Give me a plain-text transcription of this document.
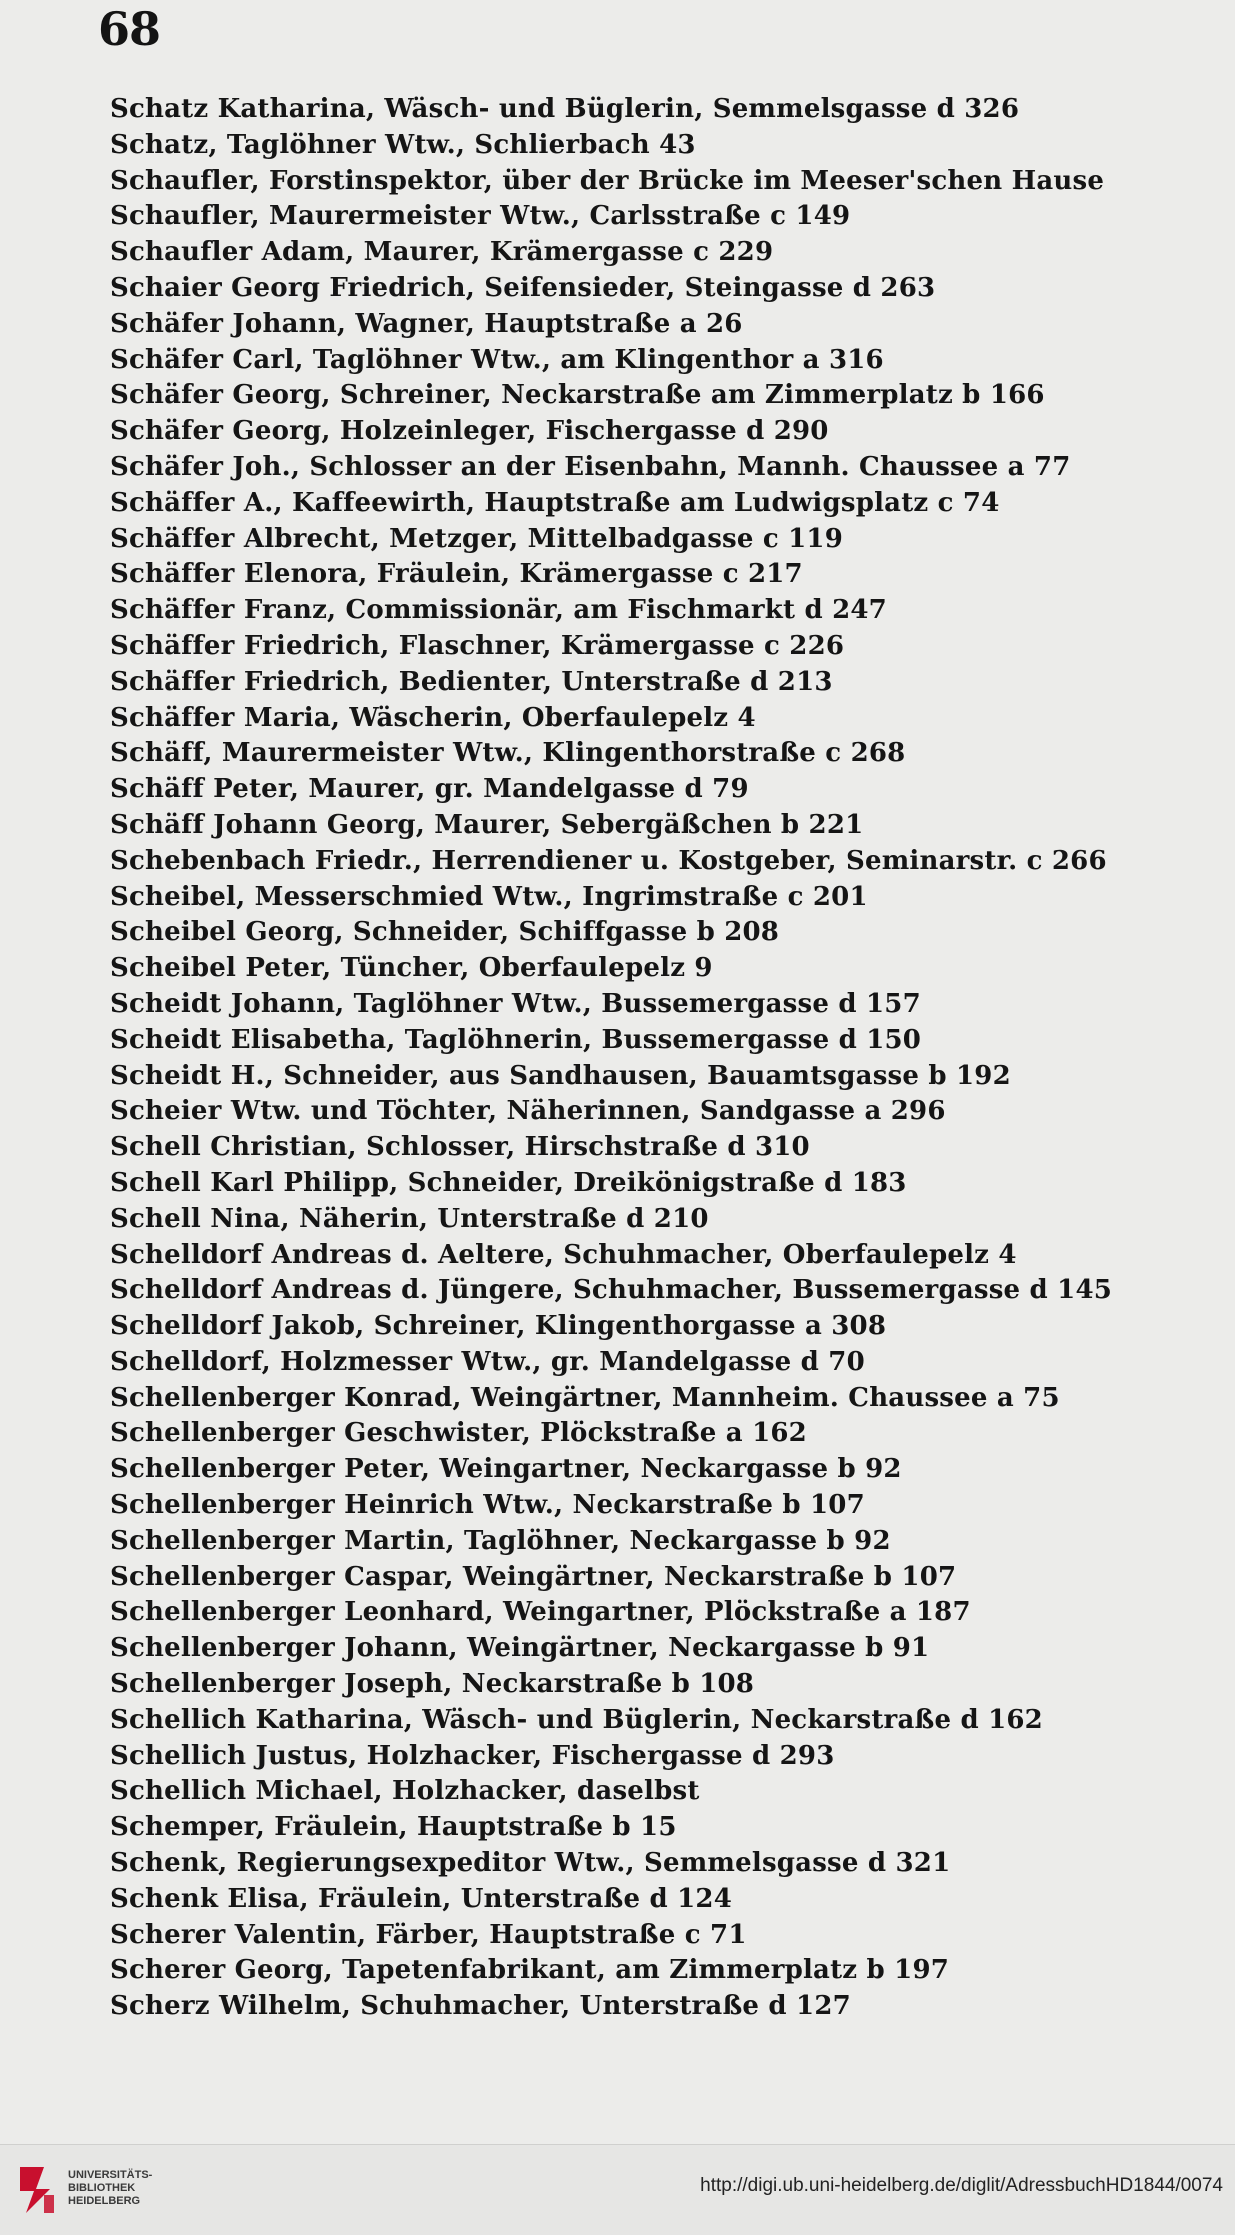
68
Schatz Katharina, Wäsch- und Büglerin, Semmelsgasse d 326
Schatz, Taglöhner Wtw., Schlierbach 43
Schaufler, Forstinspektor, über der Brücke im Meeser'schen Hause
Schaufler, Maurermeister Wtw., Carlsstraße c 149
Schaufler Adam, Maurer, Krämergasse c 229
Schaier Georg Friedrich, Seifensieder, Steingasse d 263
Schäfer Johann, Wagner, Hauptstraße a 26
Schäfer Carl, Taglöhner Wtw., am Klingenthor a 316
Schäfer Georg, Schreiner, Neckarstraße am Zimmerplatz b 166
Schäfer Georg, Holzeinleger, Fischergasse d 290
Schäfer Joh., Schlosser an der Eisenbahn, Mannh. Chaussee a 77
Schäffer A., Kaffeewirth, Hauptstraße am Ludwigsplatz c 74
Schäffer Albrecht, Metzger, Mittelbadgasse c 119
Schäffer Elenora, Fräulein, Krämergasse c 217
Schäffer Franz, Commissionär, am Fischmarkt d 247
Schäffer Friedrich, Flaschner, Krämergasse c 226
Schäffer Friedrich, Bedienter, Unterstraße d 213
Schäffer Maria, Wäscherin, Oberfaulepelz 4
Schäff, Maurermeister Wtw., Klingenthorstraße c 268
Schäff Peter, Maurer, gr. Mandelgasse d 79
Schäff Johann Georg, Maurer, Sebergäßchen b 221
Schebenbach Friedr., Herrendiener u. Kostgeber, Seminarstr. c 266
Scheibel, Messerschmied Wtw., Ingrimstraße c 201
Scheibel Georg, Schneider, Schiffgasse b 208
Scheibel Peter, Tüncher, Oberfaulepelz 9
Scheidt Johann, Taglöhner Wtw., Bussemergasse d 157
Scheidt Elisabetha, Taglöhnerin, Bussemergasse d 150
Scheidt H., Schneider, aus Sandhausen, Bauamtsgasse b 192
Scheier Wtw. und Töchter, Näherinnen, Sandgasse a 296
Schell Christian, Schlosser, Hirschstraße d 310
Schell Karl Philipp, Schneider, Dreikönigstraße d 183
Schell Nina, Näherin, Unterstraße d 210
Schelldorf Andreas d. Aeltere, Schuhmacher, Oberfaulepelz 4
Schelldorf Andreas d. Jüngere, Schuhmacher, Bussemergasse d 145
Schelldorf Jakob, Schreiner, Klingenthorgasse a 308
Schelldorf, Holzmesser Wtw., gr. Mandelgasse d 70
Schellenberger Konrad, Weingärtner, Mannheim. Chaussee a 75
Schellenberger Geschwister, Plöckstraße a 162
Schellenberger Peter, Weingartner, Neckargasse b 92
Schellenberger Heinrich Wtw., Neckarstraße b 107
Schellenberger Martin, Taglöhner, Neckargasse b 92
Schellenberger Caspar, Weingärtner, Neckarstraße b 107
Schellenberger Leonhard, Weingartner, Plöckstraße a 187
Schellenberger Johann, Weingärtner, Neckargasse b 91
Schellenberger Joseph, Neckarstraße b 108
Schellich Katharina, Wäsch- und Büglerin, Neckarstraße d 162
Schellich Justus, Holzhacker, Fischergasse d 293
Schellich Michael, Holzhacker, daselbst
Schemper, Fräulein, Hauptstraße b 15
Schenk, Regierungsexpeditor Wtw., Semmelsgasse d 321
Schenk Elisa, Fräulein, Unterstraße d 124
Scherer Valentin, Färber, Hauptstraße c 71
Scherer Georg, Tapetenfabrikant, am Zimmerplatz b 197
Scherz Wilhelm, Schuhmacher, Unterstraße d 127
UNIVERSITÄTS-
BIBLIOTHEK
HEIDELBERG
http://digi.ub.uni-heidelberg.de/diglit/AdressbuchHD1844/0074
